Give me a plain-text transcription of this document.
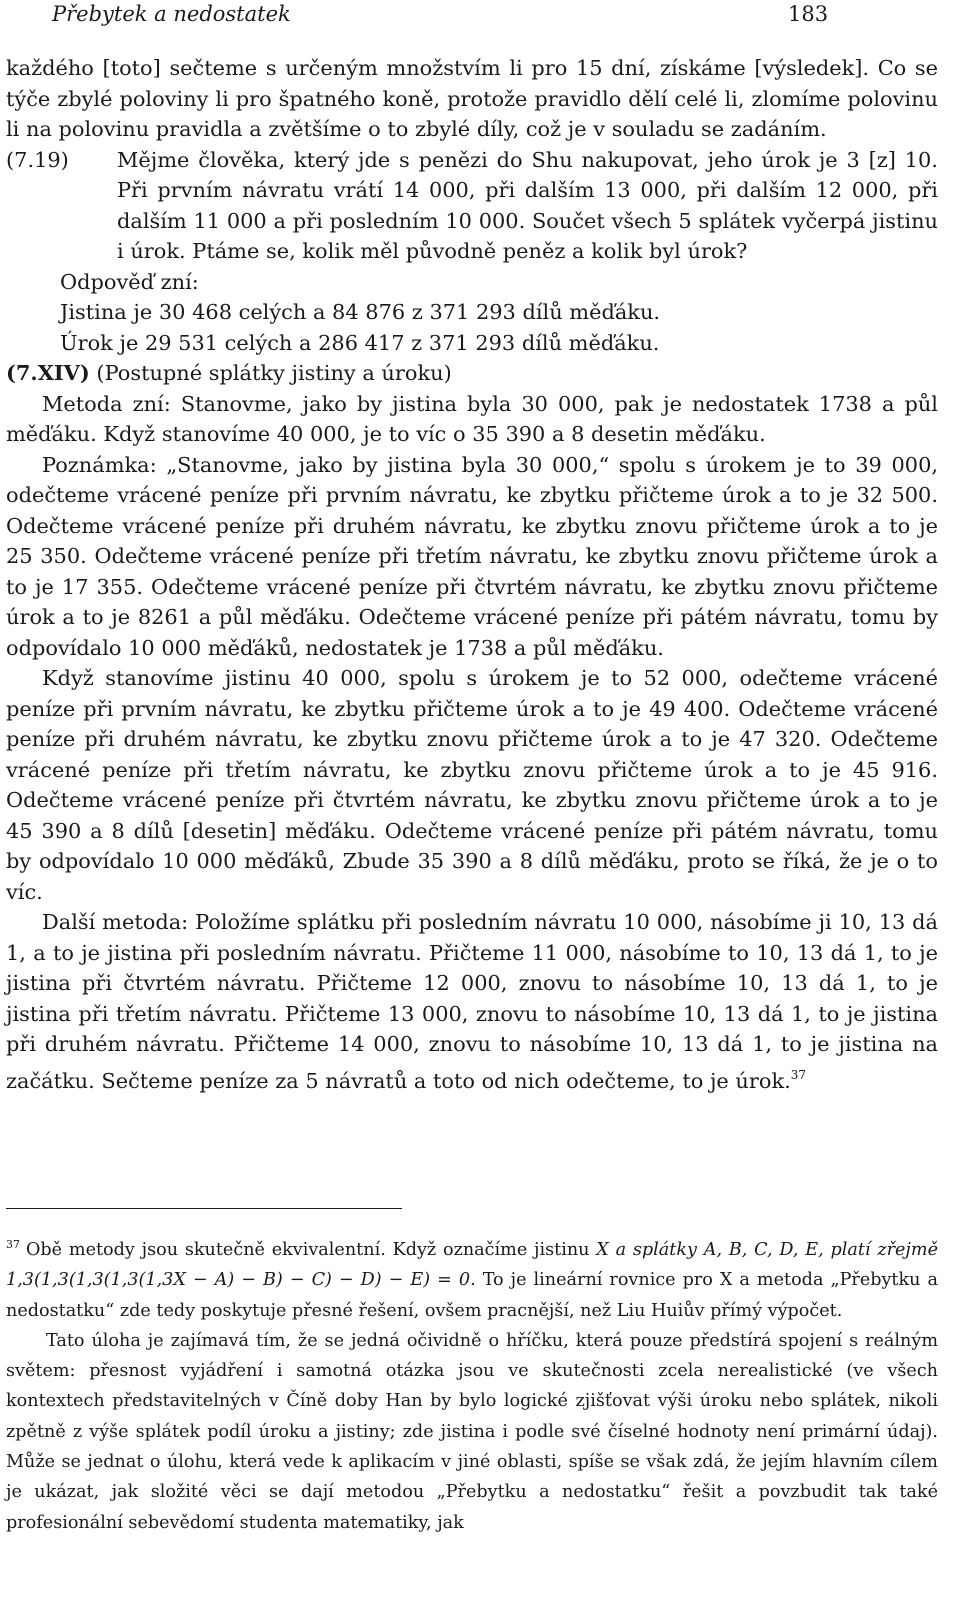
Přebytek a nedostatek	183

každého [toto] sečteme s určeným množstvím li pro 15 dní, získáme [výsledek]. Co se týče zbylé poloviny li pro špatného koně, protože pravidlo dělí celé li, zlomíme polovinu li na polovinu pravidla a zvětšíme o to zbylé díly, což je v souladu se zadáním.

(7.19)	Mějme člověka, který jde s penězi do Shu nakupovat, jeho úrok je 3 [z] 10. Při prvním návratu vrátí 14 000, při dalším 13 000, při dalším 12 000, při dalším 11 000 a při posledním 10 000. Součet všech 5 splátek vyčerpá jistinu i úrok. Ptáme se, kolik měl původně peněz a kolik byl úrok?

Odpověď zní:

Jistina je 30 468 celých a 84 876 z 371 293 dílů měďáku.

Úrok je 29 531 celých a 286 417 z 371 293 dílů měďáku.

(7.XIV) (Postupné splátky jistiny a úroku)

Metoda zní: Stanovme, jako by jistina byla 30 000, pak je nedostatek 1738 a půl měďáku. Když stanovíme 40 000, je to víc o 35 390 a 8 desetin měďáku.

Poznámka: „Stanovme, jako by jistina byla 30 000,“ spolu s úrokem je to 39 000, odečteme vrácené peníze při prvním návratu, ke zbytku přičteme úrok a to je 32 500. Odečteme vrácené peníze při druhém návratu, ke zbytku znovu přičteme úrok a to je 25 350. Odečteme vrácené peníze při třetím návratu, ke zbytku znovu přičteme úrok a to je 17 355. Odečteme vrácené peníze při čtvrtém návratu, ke zbytku znovu přičteme úrok a to je 8261 a půl měďáku. Odečteme vrácené peníze při pátém návratu, tomu by odpovídalo 10 000 měďáků, nedostatek je 1738 a půl měďáku.

Když stanovíme jistinu 40 000, spolu s úrokem je to 52 000, odečteme vrácené peníze při prvním návratu, ke zbytku přičteme úrok a to je 49 400. Odečteme vrácené peníze při druhém návratu, ke zbytku znovu přičteme úrok a to je 47 320. Odečteme vrácené peníze při třetím návratu, ke zbytku znovu přičteme úrok a to je 45 916. Odečteme vrácené peníze při čtvrtém návratu, ke zbytku znovu přičteme úrok a to je 45 390 a 8 dílů [desetin] měďáku. Odečteme vrácené peníze při pátém návratu, tomu by odpovídalo 10 000 měďáků, Zbude 35 390 a 8 dílů měďáku, proto se říká, že je o to víc.

Další metoda: Položíme splátku při posledním návratu 10 000, násobíme ji 10, 13 dá 1, a to je jistina při posledním návratu. Přičteme 11 000, násobíme to 10, 13 dá 1, to je jistina při čtvrtém návratu. Přičteme 12 000, znovu to násobíme 10, 13 dá 1, to je jistina při třetím návratu. Přičteme 13 000, znovu to násobíme 10, 13 dá 1, to je jistina při druhém návratu. Přičteme 14 000, znovu to násobíme 10, 13 dá 1, to je jistina na začátku. Sečteme peníze za 5 návratů a toto od nich odečteme, to je úrok.$^{37}$

$^{37}$ Obě metody jsou skutečně ekvivalentní. Když označíme jistinu X a splátky A, B, C, D, E, platí zřejmě 1,3(1,3(1,3(1,3(1,3X − A) − B) − C) − D) − E) = 0. To je lineární rovnice pro X a metoda „Přebytku a nedostatku“ zde tedy poskytuje přesné řešení, ovšem pracnější, než Liu Huiův přímý výpočet.

Tato úloha je zajímavá tím, že se jedná očividně o hříčku, která pouze předstírá spojení s reálným světem: přesnost vyjádření i samotná otázka jsou ve skutečnosti zcela nerealistické (ve všech kontextech představitelných v Číně doby Han by bylo logické zjišťovat výši úroku nebo splátek, nikoli zpětně z výše splátek podíl úroku a jistiny; zde jistina i podle své číselné hodnoty není primární údaj). Může se jednat o úlohu, která vede k aplikacím v jiné oblasti, spíše se však zdá, že jejím hlavním cílem je ukázat, jak složité věci se dají metodou „Přebytku a nedostatku“ řešit a povzbudit tak také profesionální sebevědomí studenta matematiky, jak
